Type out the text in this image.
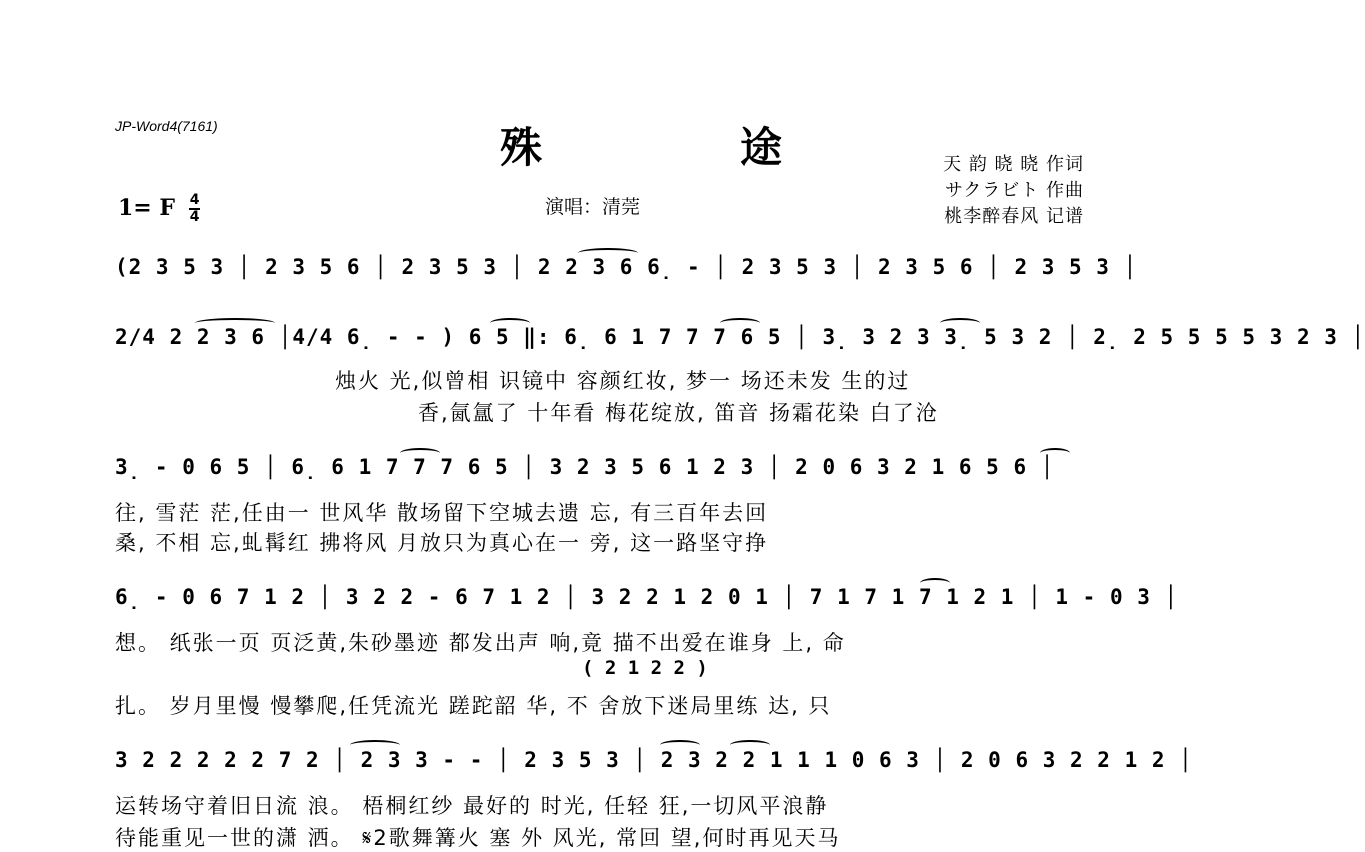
JP-Word4(7161)	殊　途
演唱：清莞
天 韵 晓 晓 作词
サクラビト 作曲
桃李醉春风 记谱
1= F $\frac{4}{4}$
(2 3 5 3 │ 2 3 5 6 │ 2 3 5 3 │ 2 2 3 6 6̣ - │ 2 3 5 3 │ 2 3 5 6 │ 2 3 5 3 │
2/4 2 2 3 6 │4/4 6̣ - - ) 6 5 ‖: 6̣ 6 1 7 7 7 6 5 │ 3̣ 3 2 3 3̣ 5 3 2 │ 2̣ 2 5 5 5 5 3 2 3 │
3̣ - 0 6 5 │ 6̣ 6 1 7 7 7 6 5 │ 3 2 3 5 6 1 2 3 │ 2 0 6 3 2 1 6 5 6 │
6̣ - 0 6 7 1 2 │ 3 2 2 - 6 7 1 2 │ 3 2 2 1 2 0 1 │ 7 1 7 1 7 1 2 1 │ 1 - 0 3 │
3 2 2 2 2 2 7 2 │ 2 3 3 - - │ 2 3 5 3 │ 2 3 2 2 1 1 1 0 6 3 │ 2 0 6 3 2 2 1 2 │
烛火 光,似曾相 识镜中 容颜红妆, 梦一 场还未发 生的过
香,氤氲了 十年看 梅花绽放, 笛音 扬霜花染 白了沧
往, 雪茫 茫,任由一 世风华 散场留下空城去遗 忘, 有三百年去回
桑, 不相 忘,虬髯红 拂将风 月放只为真心在一 旁, 这一路坚守挣
想。 纸张一页 页泛黄,朱砂墨迹 都发出声 响,竟 描不出爱在谁身 上, 命
( 2 1 2 2 )
扎。 岁月里慢 慢攀爬,任凭流光 蹉跎韶 华, 不 舍放下迷局里练 达, 只
运转场守着旧日流 浪。 梧桐红纱 最好的 时光, 任轻 狂,一切风平浪静
待能重见一世的潇 洒。 𝄋2歌舞篝火 塞 外 风光, 常回 望,何时再见天马
